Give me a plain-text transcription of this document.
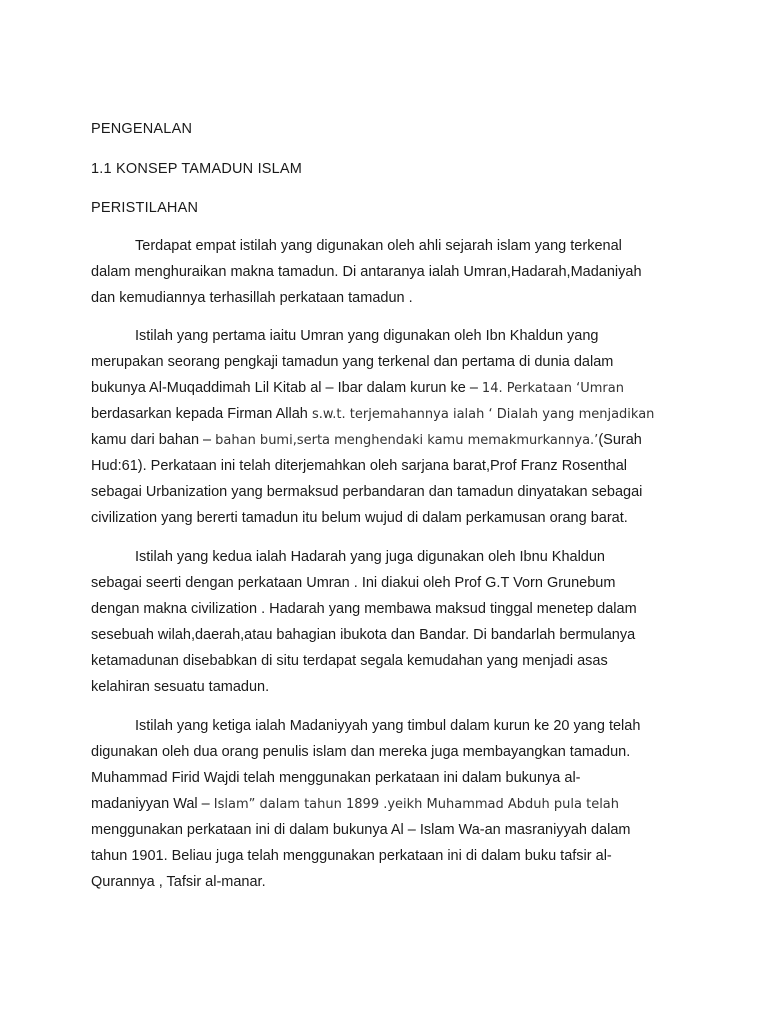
PENGENALAN
1.1 KONSEP TAMADUN ISLAM
PERISTILAHAN
Terdapat empat istilah yang digunakan oleh ahli sejarah islam yang terkenal
dalam menghuraikan makna tamadun. Di antaranya ialah Umran,Hadarah,Madaniyah
dan kemudiannya terhasillah perkataan tamadun .
Istilah yang pertama iaitu Umran yang digunakan oleh Ibn Khaldun yang
merupakan seorang pengkaji tamadun yang terkenal dan pertama di dunia dalam
bukunya Al-Muqaddimah Lil Kitab al – Ibar dalam kurun ke – 14. Perkataan ‘Umran
berdasarkan kepada Firman Allah s.w.t. terjemahannya ialah ‘ Dialah yang menjadikan
kamu dari bahan – bahan bumi,serta menghendaki kamu memakmurkannya.’(Surah
Hud:61). Perkataan ini telah diterjemahkan oleh sarjana barat,Prof Franz Rosenthal
sebagai Urbanization yang bermaksud perbandaran dan tamadun dinyatakan sebagai
civilization yang bererti tamadun itu belum wujud di dalam perkamusan orang barat.
Istilah yang kedua ialah Hadarah yang juga digunakan oleh Ibnu Khaldun
sebagai seerti dengan perkataan Umran . Ini diakui oleh Prof G.T Vorn Grunebum
dengan makna civilization . Hadarah yang membawa maksud tinggal menetep dalam
sesebuah wilah,daerah,atau bahagian ibukota dan Bandar. Di bandarlah bermulanya
ketamadunan disebabkan di situ terdapat segala kemudahan yang menjadi asas
kelahiran sesuatu tamadun.
Istilah yang ketiga ialah Madaniyyah yang timbul dalam kurun ke 20 yang telah
digunakan oleh dua orang penulis islam dan mereka juga membayangkan tamadun.
Muhammad Firid Wajdi telah menggunakan perkataan ini dalam bukunya al-
madaniyyan Wal – Islam” dalam tahun 1899 .yeikh Muhammad Abduh pula telah
menggunakan perkataan ini di dalam bukunya Al – Islam Wa-an masraniyyah dalam
tahun 1901. Beliau juga telah menggunakan perkataan ini di dalam buku tafsir al-
Qurannya , Tafsir al-manar.
